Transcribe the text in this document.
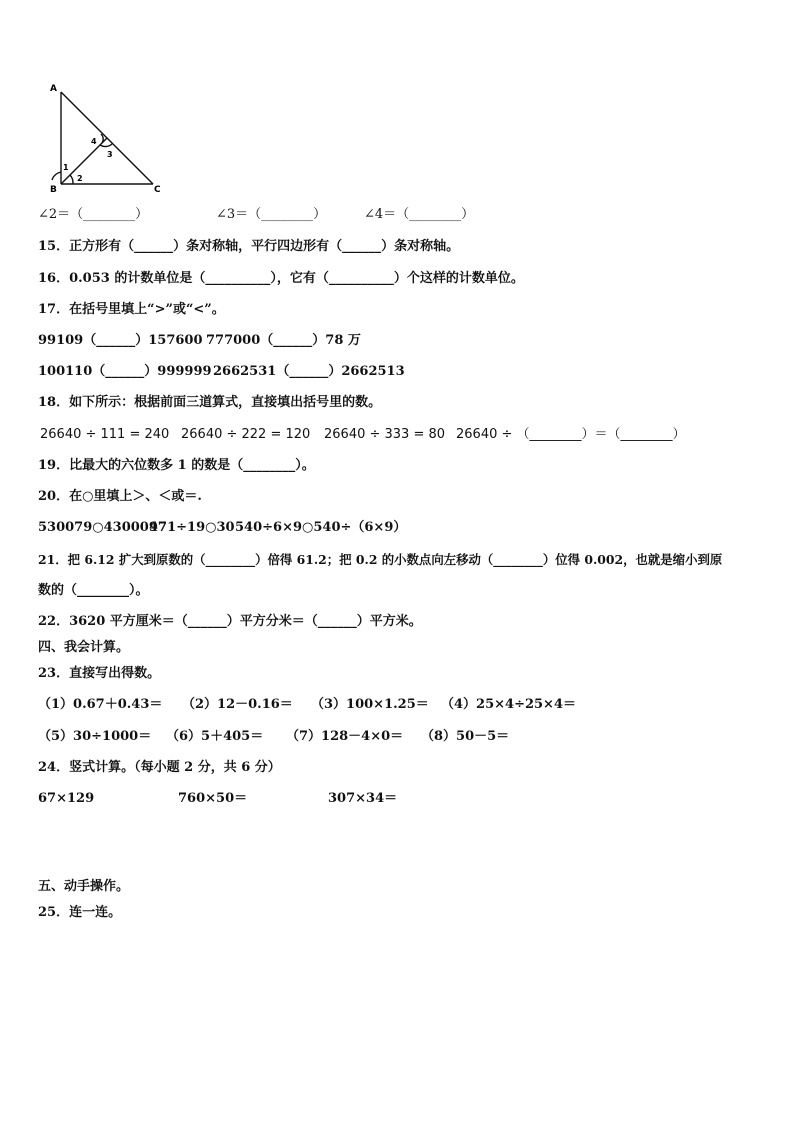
A
B	C
1
2
3
4
∠2＝（________）	∠3＝（________）	∠4＝（________）
15．正方形有（______）条对称轴，平行四边形有（______）条对称轴。
16．0.053 的计数单位是（__________），它有（__________）个这样的计数单位。
17．在括号里填上“>”或“<”。
99109（______）157600 777000（______）78 万
100110（______）999999 2662531（______）2662513
18．如下所示：根据前面三道算式，直接填出括号里的数。
26640 ÷ 111 = 240 26640 ÷ 222 = 120 26640 ÷ 333 = 80 26640 ÷ （________）＝（________）
19．比最大的六位数多 1 的数是（________）。
20．在○里填上＞、＜或＝.
530079○4300097
471÷19○30 540÷6×9○540÷（6×9）
21．把 6.12 扩大到原数的（________）倍得 61.2；把 0.2 的小数点向左移动（________）位得 0.002，也就是缩小到原
数的（________）。
22．3620 平方厘米＝（______）平方分米＝（______）平方米。
四、我会计算。
23．直接写出得数。
（1）0.67＋0.43＝ （2）12－0.16＝ （3）100×1.25＝ （4）25×4÷25×4＝
（5）30÷1000＝ （6）5＋405＝ （7）128－4×0＝ （8）50－5＝
24．竖式计算。（每小题 2 分，共 6 分）
67×129	760×50＝	307×34＝
五、动手操作。
25．连一连。
